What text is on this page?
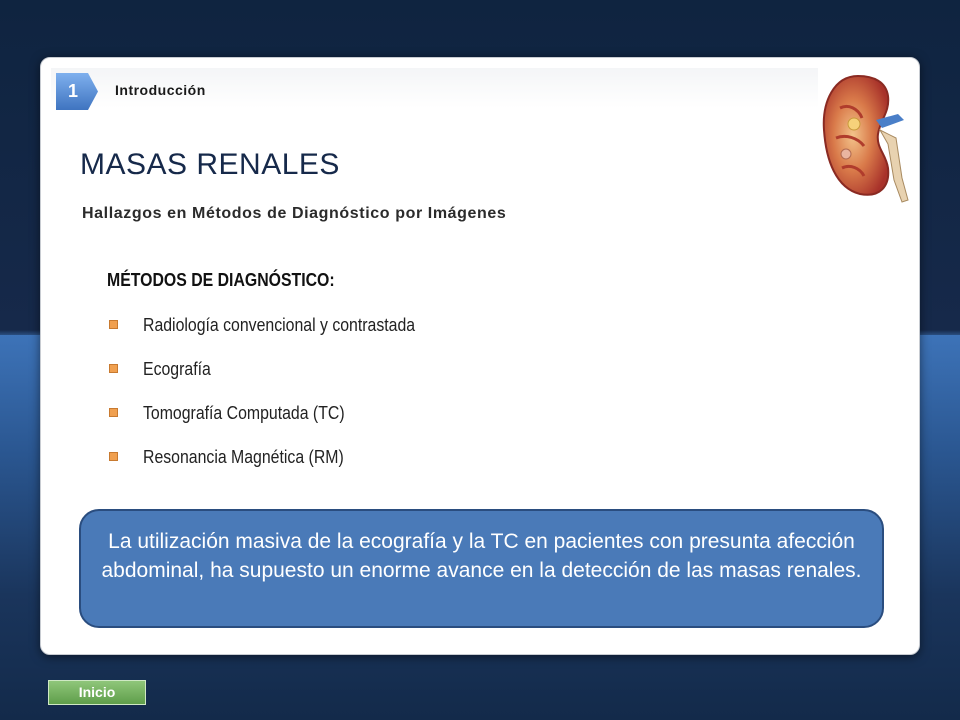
1	Introducción
MASAS RENALES
Hallazgos en Métodos de Diagnóstico por Imágenes
MÉTODOS DE DIAGNÓSTICO:
Radiología convencional y contrastada
Ecografía
Tomografía Computada (TC)
Resonancia Magnética (RM)
La utilización masiva de la ecografía y la TC en pacientes con presunta afección abdominal, ha supuesto un enorme avance en la detección de las masas renales.
Inicio
